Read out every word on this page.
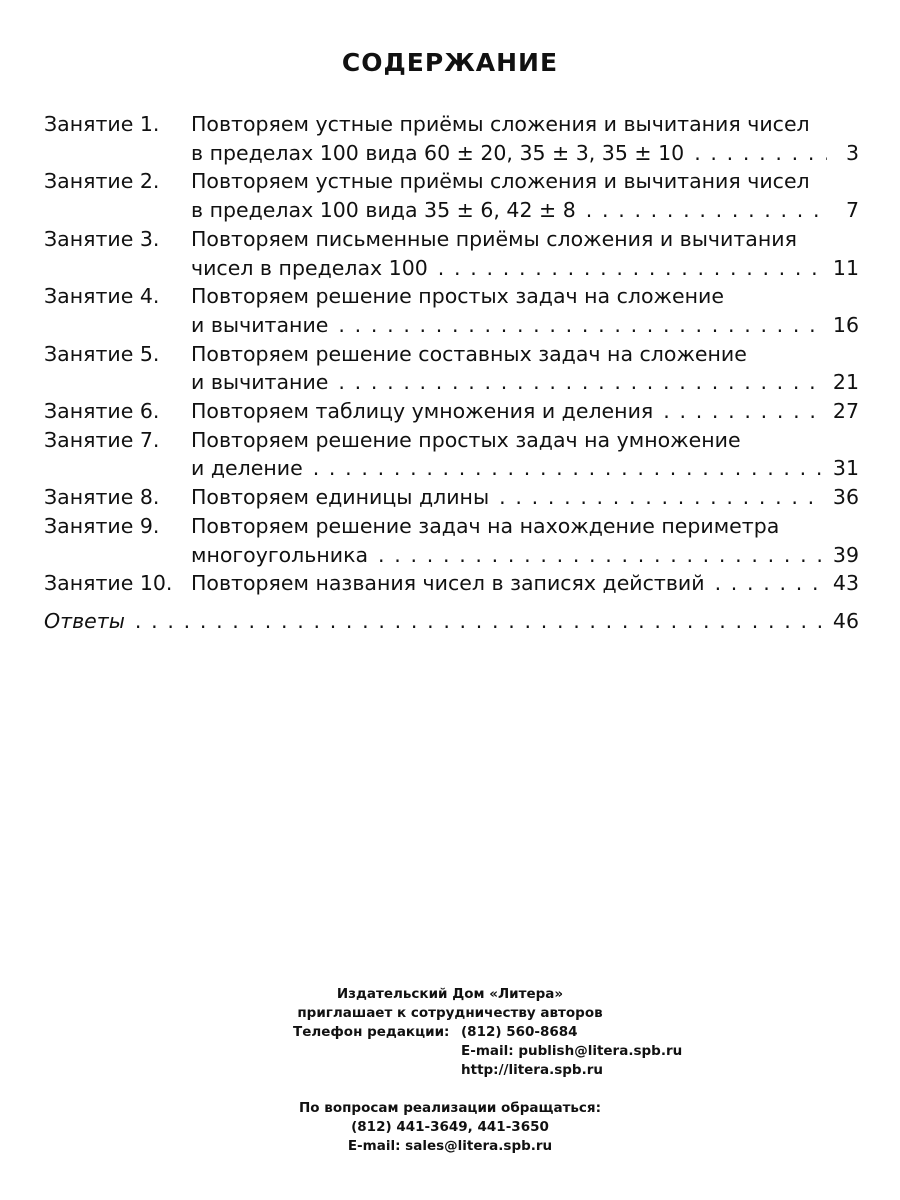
СОДЕРЖАНИЕ
Занятие 1.	Повторяем устные приёмы сложения и вычитания чисел
в пределах 100 вида 60 ± 20, 35 ± 3, 35 ± 10 . . .	3
Занятие 2.	Повторяем устные приёмы сложения и вычитания чисел
в пределах 100 вида 35 ± 6, 42 ± 8 . . .	7
Занятие 3.	Повторяем письменные приёмы сложения и вычитания
чисел в пределах 100 . . .	11
Занятие 4.	Повторяем решение простых задач на сложение
и вычитание . . .	16
Занятие 5.	Повторяем решение составных задач на сложение
и вычитание . . .	21
Занятие 6.	Повторяем таблицу умножения и деления . . .	27
Занятие 7.	Повторяем решение простых задач на умножение
и деление . . .	31
Занятие 8.	Повторяем единицы длины . . .	36
Занятие 9.	Повторяем решение задач на нахождение периметра
многоугольника . . .	39
Занятие 10. Повторяем названия чисел в записях действий . . .	43
Ответы . . .	46
Издательский Дом «Литера»
приглашает к сотрудничеству авторов
Телефон редакции: (812) 560-8684
E-mail: publish@litera.spb.ru
http://litera.spb.ru
По вопросам реализации обращаться:
(812) 441-3649, 441-3650
E-mail: sales@litera.spb.ru
